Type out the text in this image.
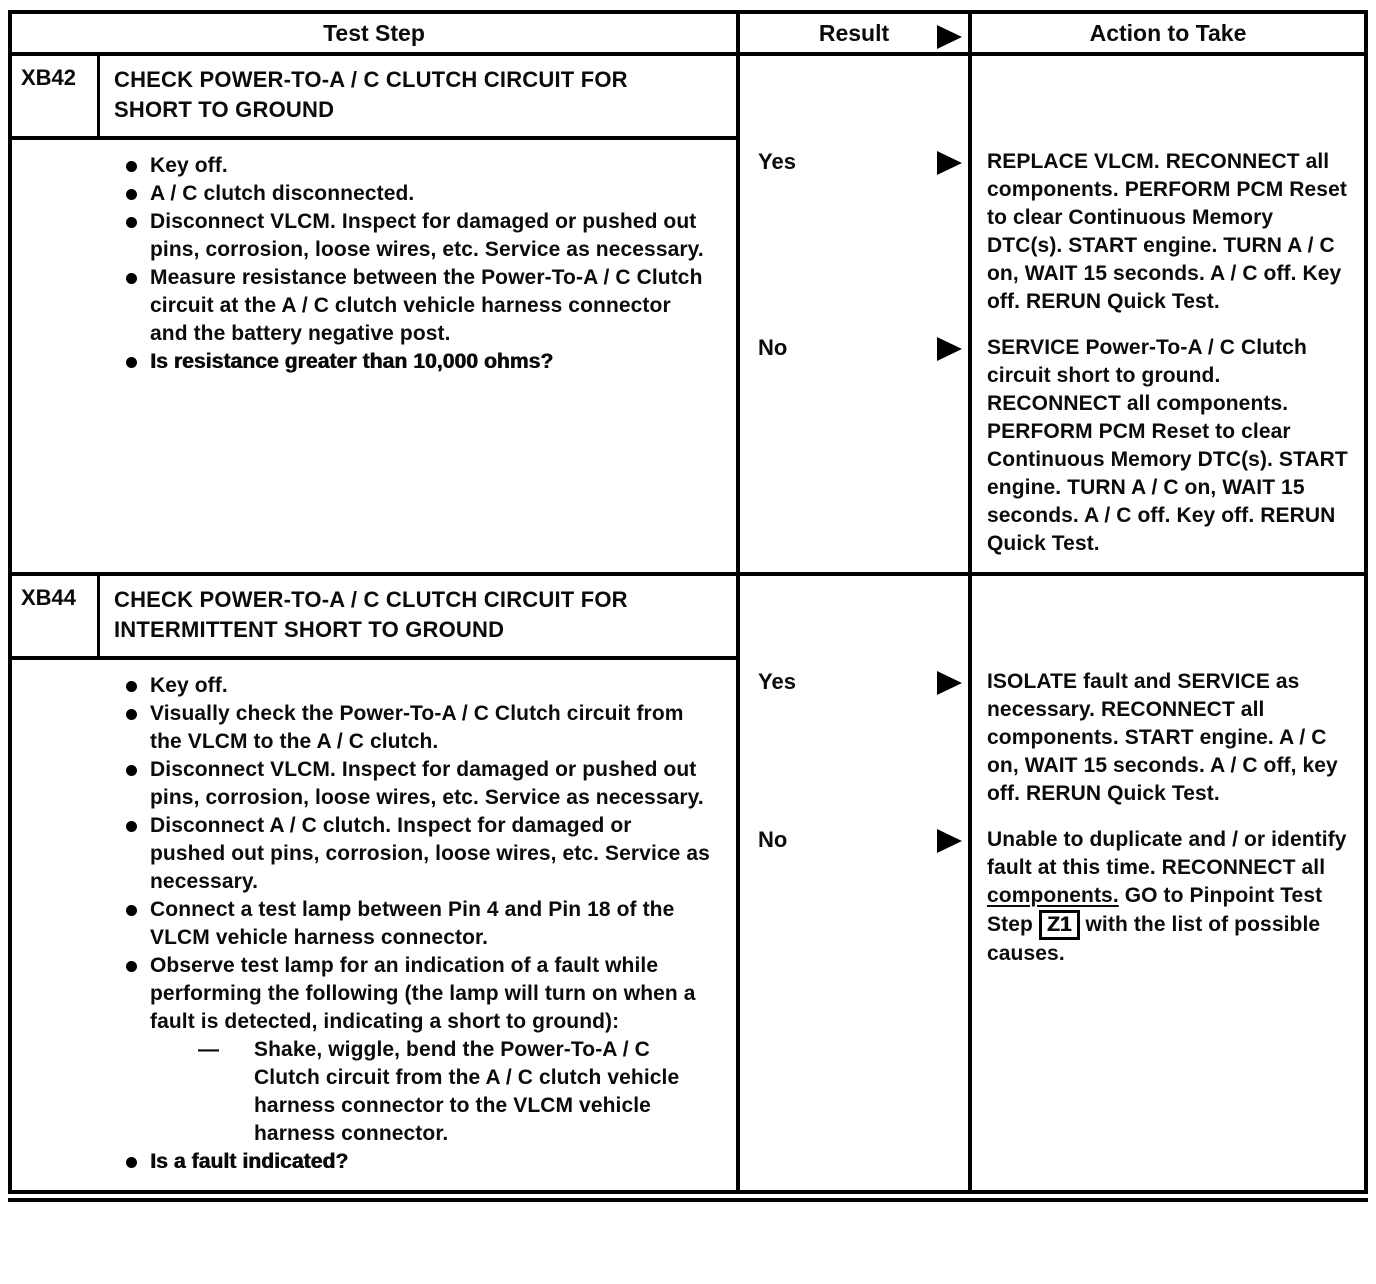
Test Step	Result	Action to Take
XB42	CHECK POWER-TO-A / C CLUTCH CIRCUIT FOR SHORT TO GROUND
Key off.
A / C clutch disconnected.
Disconnect VLCM. Inspect for damaged or pushed out pins, corrosion, loose wires, etc. Service as necessary.
Measure resistance between the Power-To-A / C Clutch circuit at the A / C clutch vehicle harness connector and the battery negative post.
Is resistance greater than 10,000 ohms?
Yes	REPLACE VLCM. RECONNECT all components. PERFORM PCM Reset to clear Continuous Memory DTC(s). START engine. TURN A / C on, WAIT 15 seconds. A / C off. Key off. RERUN Quick Test.
No	SERVICE Power-To-A / C Clutch circuit short to ground. RECONNECT all components. PERFORM PCM Reset to clear Continuous Memory DTC(s). START engine. TURN A / C on, WAIT 15 seconds. A / C off. Key off. RERUN Quick Test.
XB44	CHECK POWER-TO-A / C CLUTCH CIRCUIT FOR INTERMITTENT SHORT TO GROUND
Key off.
Visually check the Power-To-A / C Clutch circuit from the VLCM to the A / C clutch.
Disconnect VLCM. Inspect for damaged or pushed out pins, corrosion, loose wires, etc. Service as necessary.
Disconnect A / C clutch. Inspect for damaged or pushed out pins, corrosion, loose wires, etc. Service as necessary.
Connect a test lamp between Pin 4 and Pin 18 of the VLCM vehicle harness connector.
Observe test lamp for an indication of a fault while performing the following (the lamp will turn on when a fault is detected, indicating a short to ground):
— Shake, wiggle, bend the Power-To-A / C Clutch circuit from the A / C clutch vehicle harness connector to the VLCM vehicle harness connector.
Is a fault indicated?
Yes	ISOLATE fault and SERVICE as necessary. RECONNECT all components. START engine. A / C on, WAIT 15 seconds. A / C off, key off. RERUN Quick Test.
No	Unable to duplicate and / or identify fault at this time. RECONNECT all components. GO to Pinpoint Test Step Z1 with the list of possible causes.
